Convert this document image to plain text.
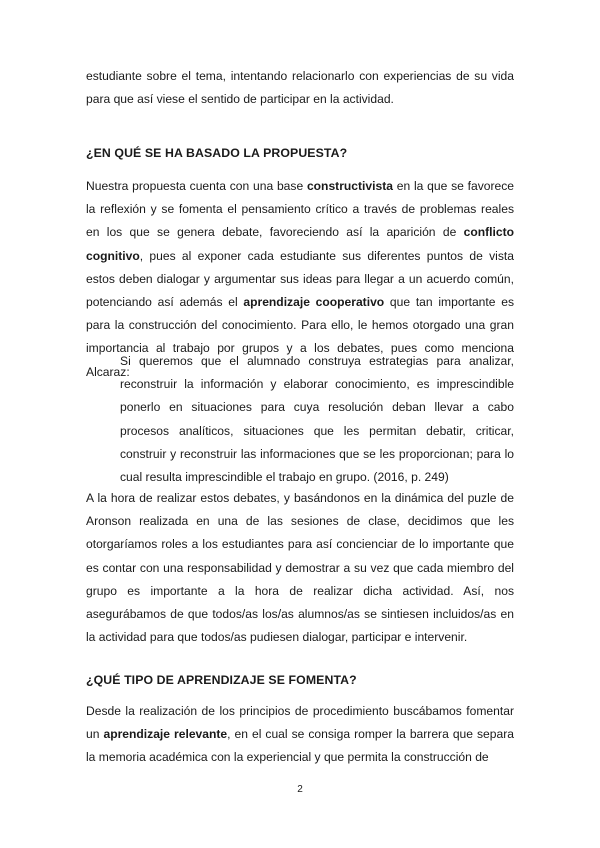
estudiante sobre el tema, intentando relacionarlo con experiencias de su vida para que así viese el sentido de participar en la actividad.
¿EN QUÉ SE HA BASADO LA PROPUESTA?
Nuestra propuesta cuenta con una base constructivista en la que se favorece la reflexión y se fomenta el pensamiento crítico a través de problemas reales en los que se genera debate, favoreciendo así la aparición de conflicto cognitivo, pues al exponer cada estudiante sus diferentes puntos de vista estos deben dialogar y argumentar sus ideas para llegar a un acuerdo común, potenciando así además el aprendizaje cooperativo que tan importante es para la construcción del conocimiento. Para ello, le hemos otorgado una gran importancia al trabajo por grupos y a los debates, pues como menciona Alcaraz:
Si queremos que el alumnado construya estrategias para analizar, reconstruir la información y elaborar conocimiento, es imprescindible ponerlo en situaciones para cuya resolución deban llevar a cabo procesos analíticos, situaciones que les permitan debatir, criticar, construir y reconstruir las informaciones que se les proporcionan; para lo cual resulta imprescindible el trabajo en grupo. (2016, p. 249)
A la hora de realizar estos debates, y basándonos en la dinámica del puzle de Aronson realizada en una de las sesiones de clase, decidimos que les otorgaríamos roles a los estudiantes para así concienciar de lo importante que es contar con una responsabilidad y demostrar a su vez que cada miembro del grupo es importante a la hora de realizar dicha actividad. Así, nos asegurábamos de que todos/as los/as alumnos/as se sintiesen incluidos/as en la actividad para que todos/as pudiesen dialogar, participar e intervenir.
¿QUÉ TIPO DE APRENDIZAJE SE FOMENTA?
Desde la realización de los principios de procedimiento buscábamos fomentar un aprendizaje relevante, en el cual se consiga romper la barrera que separa la memoria académica con la experiencial y que permita la construcción de
2
